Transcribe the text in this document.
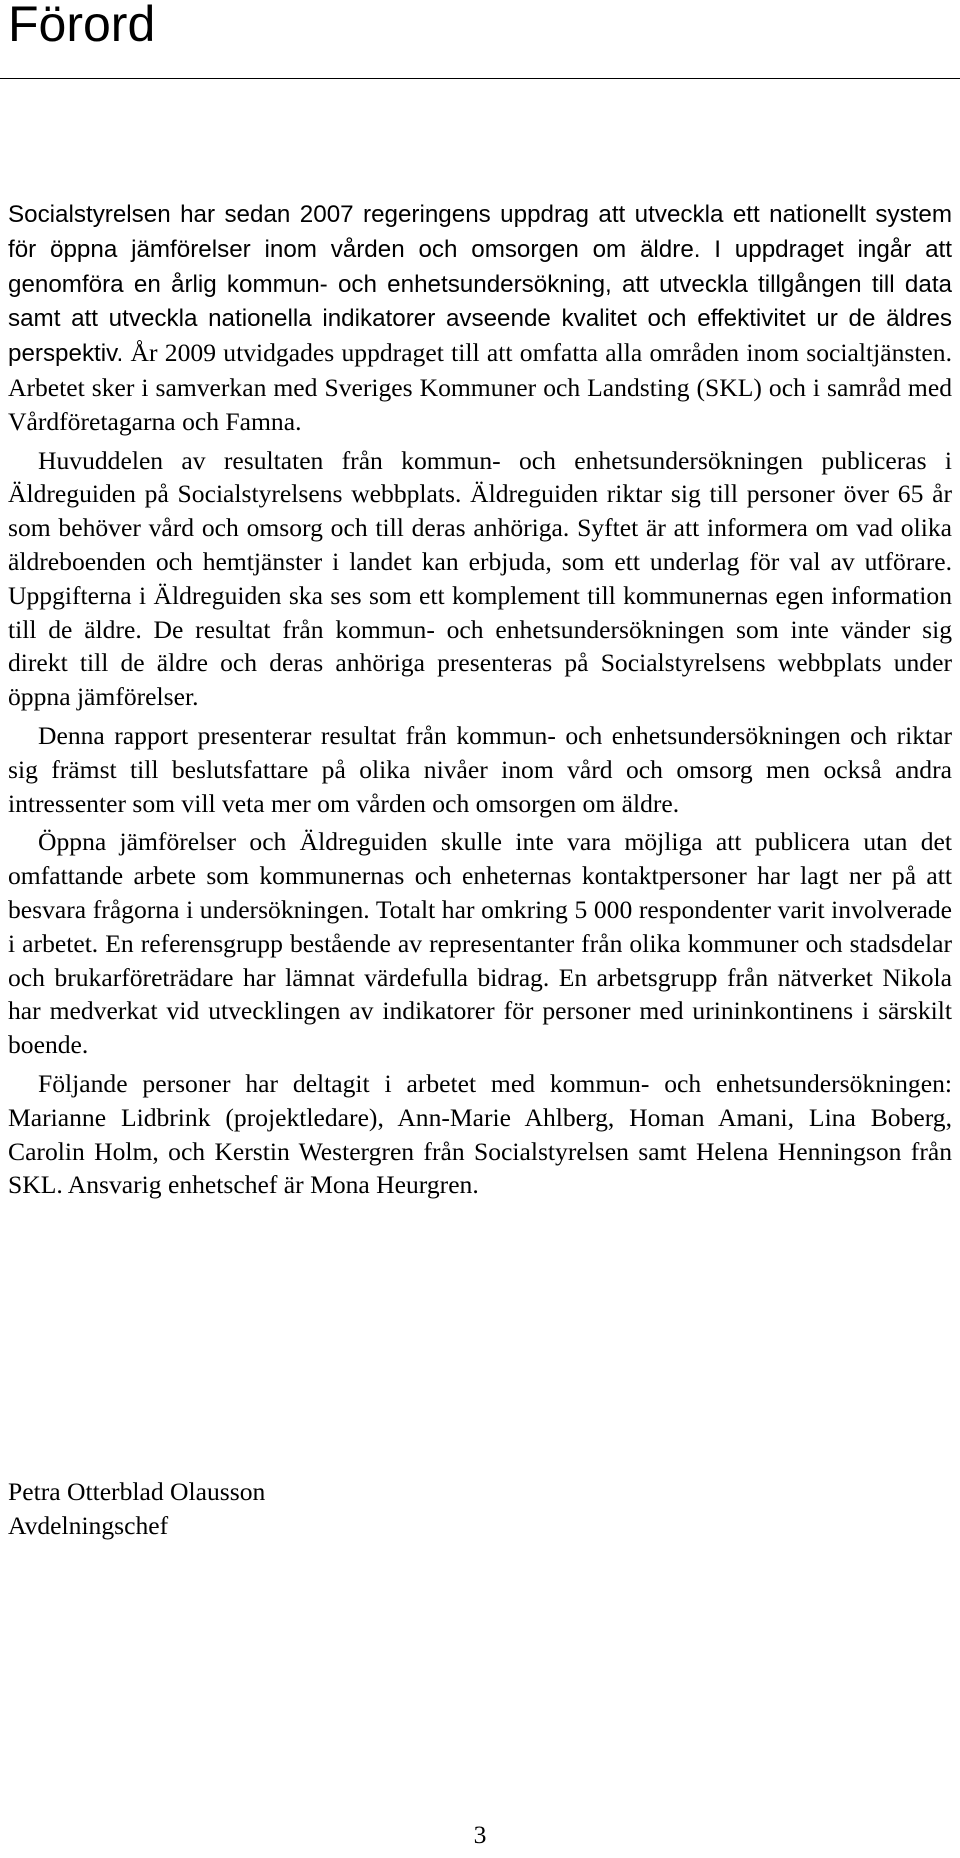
Förord

Socialstyrelsen har sedan 2007 regeringens uppdrag att utveckla ett nationellt system för öppna jämförelser inom vården och omsorgen om äldre. I uppdraget ingår att genomföra en årlig kommun- och enhetsundersökning, att utveckla tillgången till data samt att utveckla nationella indikatorer avseende kvalitet och effektivitet ur de äldres perspektiv. År 2009 utvidgades uppdraget till att omfatta alla områden inom socialtjänsten. Arbetet sker i samverkan med Sveriges Kommuner och Landsting (SKL) och i samråd med Vårdföretagarna och Famna.

Huvuddelen av resultaten från kommun- och enhetsundersökningen publiceras i Äldreguiden på Socialstyrelsens webbplats. Äldreguiden riktar sig till personer över 65 år som behöver vård och omsorg och till deras anhöriga. Syftet är att informera om vad olika äldreboenden och hemtjänster i landet kan erbjuda, som ett underlag för val av utförare. Uppgifterna i Äldreguiden ska ses som ett komplement till kommunernas egen information till de äldre. De resultat från kommun- och enhetsundersökningen som inte vänder sig direkt till de äldre och deras anhöriga presenteras på Socialstyrelsens webbplats under öppna jämförelser.

Denna rapport presenterar resultat från kommun- och enhetsundersökningen och riktar sig främst till beslutsfattare på olika nivåer inom vård och omsorg men också andra intressenter som vill veta mer om vården och omsorgen om äldre.

Öppna jämförelser och Äldreguiden skulle inte vara möjliga att publicera utan det omfattande arbete som kommunernas och enheternas kontaktpersoner har lagt ner på att besvara frågorna i undersökningen. Totalt har omkring 5 000 respondenter varit involverade i arbetet. En referensgrupp bestående av representanter från olika kommuner och stadsdelar och brukarföreträdare har lämnat värdefulla bidrag. En arbetsgrupp från nätverket Nikola har medverkat vid utvecklingen av indikatorer för personer med urininkontinens i särskilt boende.

Följande personer har deltagit i arbetet med kommun- och enhetsundersökningen: Marianne Lidbrink (projektledare), Ann-Marie Ahlberg, Homan Amani, Lina Boberg, Carolin Holm, och Kerstin Westergren från Socialstyrelsen samt Helena Henningson från SKL. Ansvarig enhetschef är Mona Heurgren.

Petra Otterblad Olausson
Avdelningschef
3
